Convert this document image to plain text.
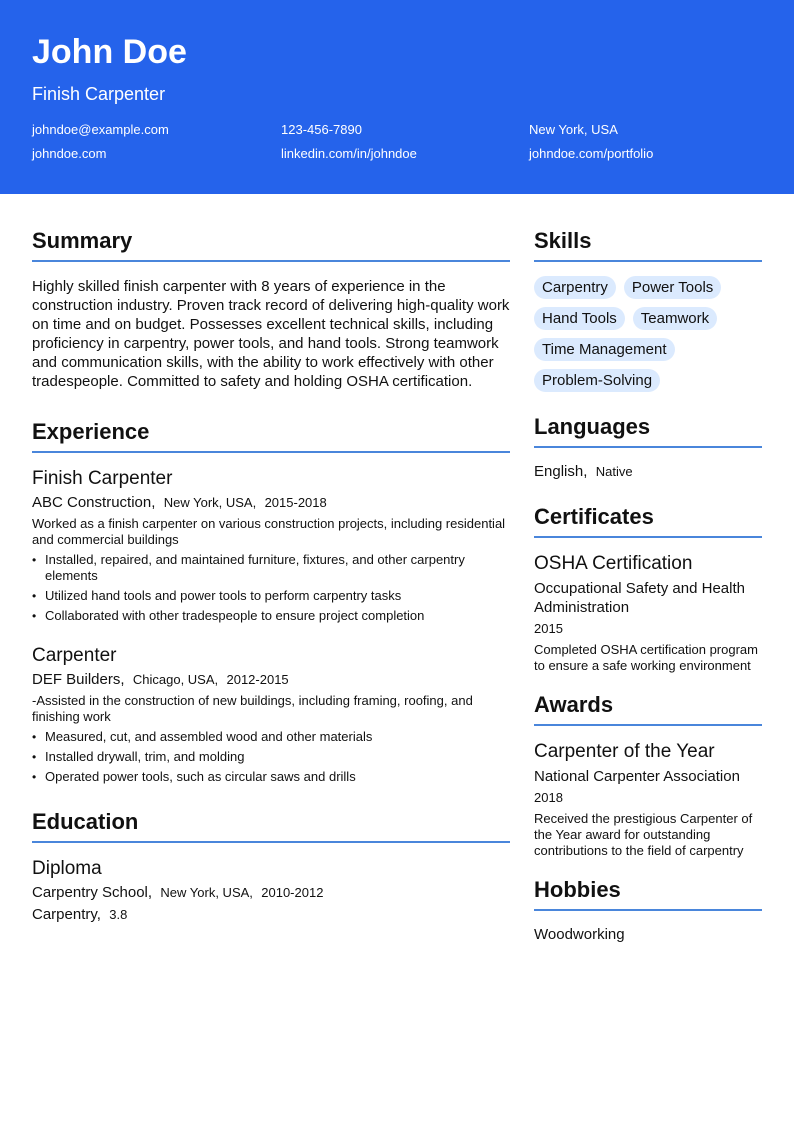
John Doe
Finish Carpenter
johndoe@example.com	123-456-7890	New York, USA
johndoe.com	linkedin.com/in/johndoe	johndoe.com/portfolio
Summary
Highly skilled finish carpenter with 8 years of experience in the construction industry. Proven track record of delivering high-quality work on time and on budget. Possesses excellent technical skills, including proficiency in carpentry, power tools, and hand tools. Strong teamwork and communication skills, with the ability to work effectively with other tradespeople. Committed to safety and holding OSHA certification.
Experience
Finish Carpenter
ABC Construction, New York, USA, 2015-2018
Worked as a finish carpenter on various construction projects, including residential and commercial buildings
• Installed, repaired, and maintained furniture, fixtures, and other carpentry elements
• Utilized hand tools and power tools to perform carpentry tasks
• Collaborated with other tradespeople to ensure project completion
Carpenter
DEF Builders, Chicago, USA, 2012-2015
-Assisted in the construction of new buildings, including framing, roofing, and finishing work
• Measured, cut, and assembled wood and other materials
• Installed drywall, trim, and molding
• Operated power tools, such as circular saws and drills
Education
Diploma
Carpentry School, New York, USA, 2010-2012
Carpentry, 3.8
Skills
Carpentry	Power Tools
Hand Tools	Teamwork
Time Management
Problem-Solving
Languages
English, Native
Certificates
OSHA Certification
Occupational Safety and Health Administration
2015
Completed OSHA certification program to ensure a safe working environment
Awards
Carpenter of the Year
National Carpenter Association
2018
Received the prestigious Carpenter of the Year award for outstanding contributions to the field of carpentry
Hobbies
Woodworking
